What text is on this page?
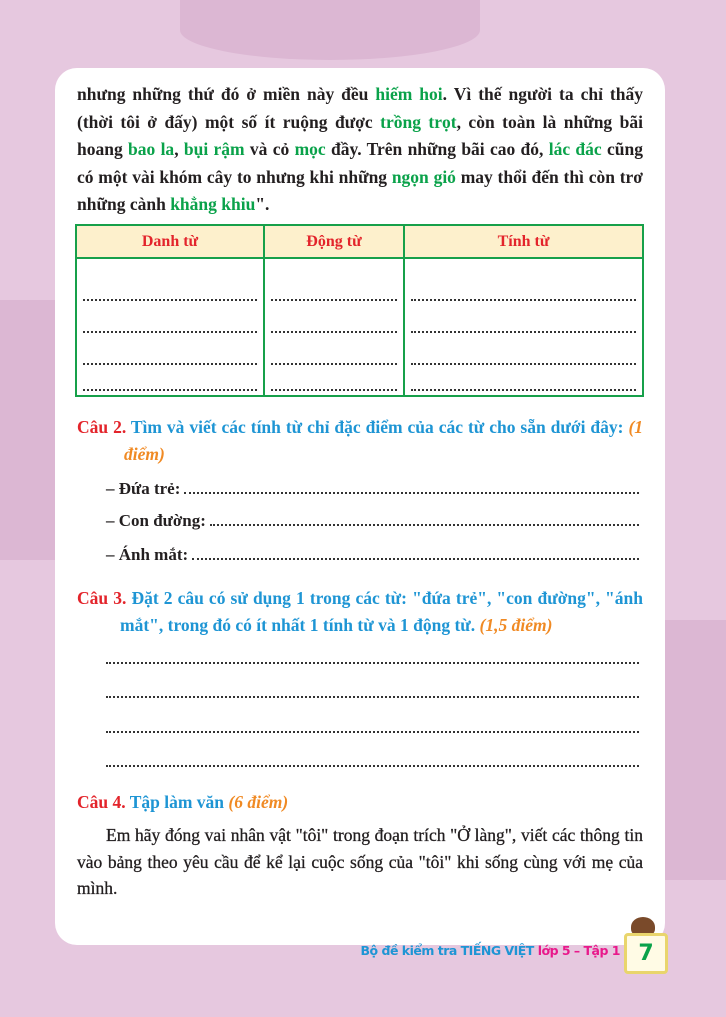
nhưng những thứ đó ở miền này đều hiếm hoi. Vì thế người ta chỉ thấy (thời tôi ở đấy) một số ít ruộng được trồng trọt, còn toàn là những bãi hoang bao la, bụi rậm và cỏ mọc đầy. Trên những bãi cao đó, lác đác cũng có một vài khóm cây to nhưng khi những ngọn gió may thổi đến thì còn trơ những cành khẳng khiu".
Danh từ	Động từ	Tính từ

Câu 2. Tìm và viết các tính từ chỉ đặc điểm của các từ cho sẵn dưới đây: (1 điểm)
– Đứa trẻ:
– Con đường:
– Ánh mắt:
Câu 3. Đặt 2 câu có sử dụng 1 trong các từ: "đứa trẻ", "con đường", "ánh mắt", trong đó có ít nhất 1 tính từ và 1 động từ. (1,5 điểm)
Câu 4. Tập làm văn (6 điểm)
Em hãy đóng vai nhân vật "tôi" trong đoạn trích "Ở làng", viết các thông tin vào bảng theo yêu cầu để kể lại cuộc sống của "tôi" khi sống cùng với mẹ của mình.
Bộ đề kiểm tra TIẾNG VIỆT lớp 5 – Tập 1 7
